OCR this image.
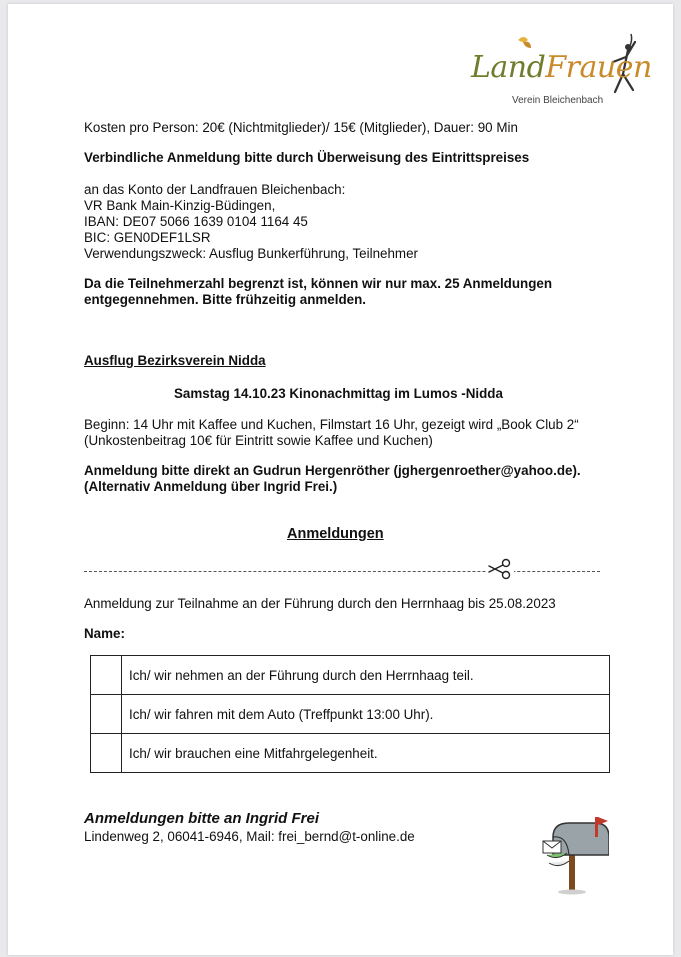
LandFrauen
Verein Bleichenbach
Kosten pro Person: 20€ (Nichtmitglieder)/ 15€ (Mitglieder), Dauer: 90 Min
Verbindliche Anmeldung bitte durch Überweisung des Eintrittspreises
an das Konto der Landfrauen Bleichenbach:
VR Bank Main-Kinzig-Büdingen,
IBAN: DE07 5066 1639 0104 1164 45
BIC: GEN0DEF1LSR
Verwendungszweck: Ausflug Bunkerführung, Teilnehmer
Da die Teilnehmerzahl begrenzt ist, können wir nur max. 25 Anmeldungen
entgegennehmen. Bitte frühzeitig anmelden.
Ausflug Bezirksverein Nidda
Samstag 14.10.23 Kinonachmittag im Lumos -Nidda
Beginn: 14 Uhr mit Kaffee und Kuchen, Filmstart 16 Uhr, gezeigt wird „Book Club 2“
(Unkostenbeitrag 10€ für Eintritt sowie Kaffee und Kuchen)
Anmeldung bitte direkt an Gudrun Hergenröther (jghergenroether@yahoo.de).
(Alternativ Anmeldung über Ingrid Frei.)
Anmeldungen
Anmeldung zur Teilnahme an der Führung durch den Herrnhaag bis 25.08.2023
Name:
	Ich/ wir nehmen an der Führung durch den Herrnhaag teil.
	Ich/ wir fahren mit dem Auto (Treffpunkt 13:00 Uhr).
	Ich/ wir brauchen eine Mitfahrgelegenheit.
Anmeldungen bitte an Ingrid Frei
Lindenweg 2, 06041-6946, Mail: frei_bernd@t-online.de
